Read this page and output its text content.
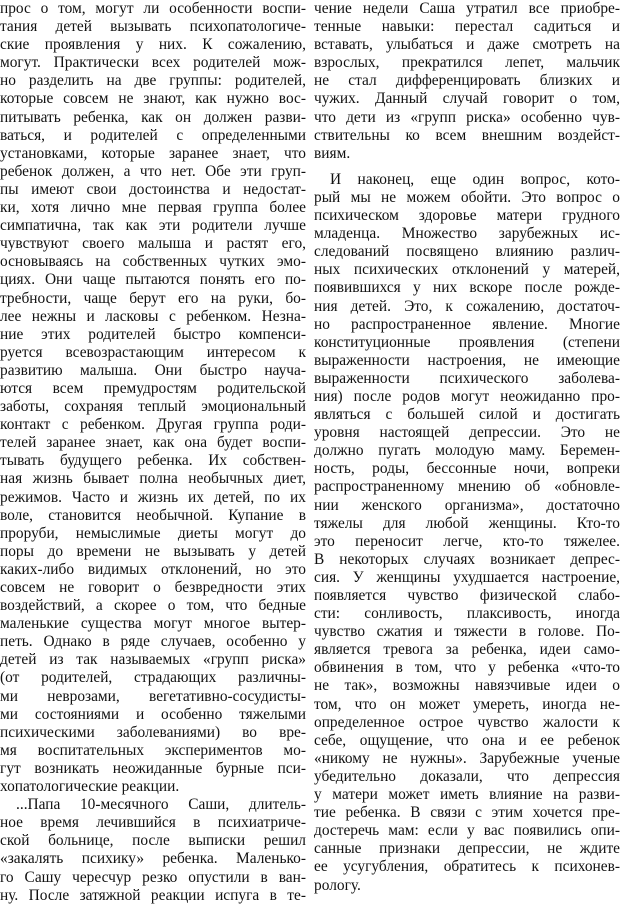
прос о том, могут ли особенности воспи-
тания детей вызывать психопатологиче-
ские проявления у них. К сожалению,
могут. Практически всех родителей мож-
но разделить на две группы: родителей,
которые совсем не знают, как нужно вос-
питывать ребенка, как он должен разви-
ваться, и родителей с определенными
установками, которые заранее знает, что
ребенок должен, а что нет. Обе эти груп-
пы имеют свои достоинства и недостат-
ки, хотя лично мне первая группа более
симпатична, так как эти родители лучше
чувствуют своего малыша и растят его,
основываясь на собственных чутких эмо-
циях. Они чаще пытаются понять его по-
требности, чаще берут его на руки, бо-
лее нежны и ласковы с ребенком. Незна-
ние этих родителей быстро компенси-
руется всевозрастающим интересом к
развитию малыша. Они быстро научa-
ются всем премудростям родительской
заботы, сохраняя теплый эмоциональный
контакт с ребенком. Другая группа роди-
телей заранее знает, как она будет воспи-
тывать будущего ребенка. Их собствен-
ная жизнь бывает полна необычных диет,
режимов. Часто и жизнь их детей, по их
воле, становится необычной. Купание в
проруби, немыслимые диеты могут до
поры до времени не вызывать у детей
каких-либо видимых отклонений, но это
совсем не говорит о безвредности этих
воздействий, а скорее о том, что бедные
маленькие существа могут многое вытер-
петь. Однако в ряде случаев, особенно у
детей из так называемых «групп риска»
(от родителей, страдающих различны-
ми неврозами, вегетативно-сосудисты-
ми состояниями и особенно тяжелыми
психическими заболеваниями) во вре-
мя воспитательных экспериментов мо-
гут возникать неожиданные бурные пси-
хопатологические реакции.
...Папа 10-месячного Саши, длитель-
ное время лечившийся в психиатриче-
ской больнице, после выписки решил
«закалять психику» ребенка. Маленько-
го Сашу чересчур резко опустили в ван-
ну. После затяжной реакции испуга в те-
чение недели Саша утратил все приобре-
тенные навыки: перестал садиться и
вставать, улыбаться и даже смотреть на
взрослых, прекратился лепет, мальчик
не стал дифференцировать близких и
чужих. Данный случай говорит о том,
что дети из «групп риска» особенно чув-
ствительны ко всем внешним воздейст-
виям.
И наконец, еще один вопрос, кото-
рый мы не можем обойти. Это вопрос о
психическом здоровье матери грудного
младенца. Множество зарубежных ис-
следований посвящено влиянию различ-
ных психических отклонений у матерей,
появившихся у них вскоре после рожде-
ния детей. Это, к сожалению, достаточ-
но распространенное явление. Многие
конституционные проявления (степени
выраженности настроения, не имеющие
выраженности психического заболева-
ния) после родов могут неожиданно про-
являться с большей силой и достигать
уровня настоящей депрессии. Это не
должно пугать молодую маму. Беремен-
ность, роды, бессонные ночи, вопреки
распространенному мнению об «обновле-
нии женского организма», достаточно
тяжелы для любой женщины. Кто-то
это переносит легче, кто-то тяжелее.
В некоторых случаях возникает депрес-
сия. У женщины ухудшается настроение,
появляется чувство физической слабо-
сти: сонливость, плаксивость, иногда
чувство сжатия и тяжести в голове. По-
является тревога за ребенка, идеи само-
обвинения в том, что у ребенка «что-то
не так», возможны навязчивые идеи о
том, что он может умереть, иногда не-
определенное острое чувство жалости к
себе, ощущение, что она и ее ребенок
«никому не нужны». Зарубежные ученые
убедительно доказали, что депрессия
у матери может иметь влияние на разви-
тие ребенка. В связи с этим хочется пре-
достеречь мам: если у вас появились опи-
санные признаки депрессии, не ждите
ее усугубления, обратитесь к психонев-
рологу.
